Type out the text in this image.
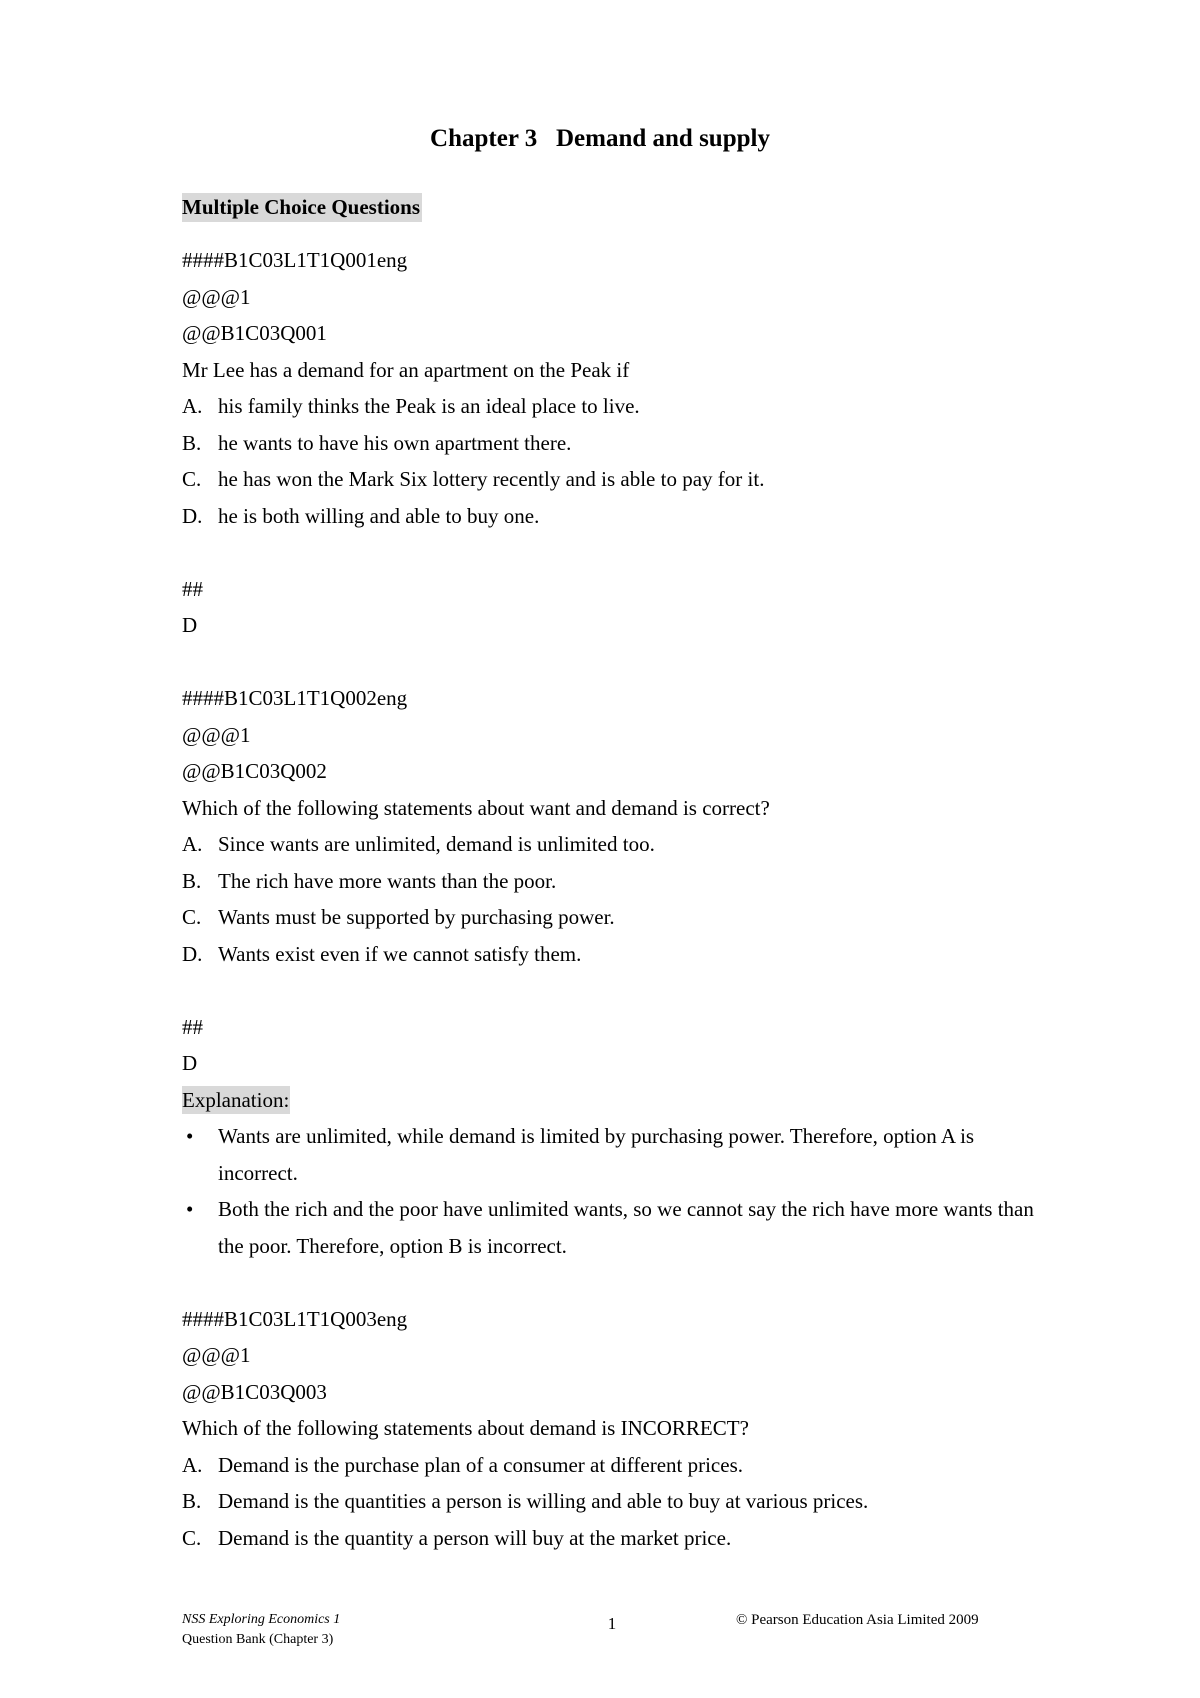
Chapter 3   Demand and supply
Multiple Choice Questions
####B1C03L1T1Q001eng
@@@1
@@B1C03Q001
Mr Lee has a demand for an apartment on the Peak if
A. his family thinks the Peak is an ideal place to live.
B. he wants to have his own apartment there.
C. he has won the Mark Six lottery recently and is able to pay for it.
D. he is both willing and able to buy one.
##
D
####B1C03L1T1Q002eng
@@@1
@@B1C03Q002
Which of the following statements about want and demand is correct?
A. Since wants are unlimited, demand is unlimited too.
B. The rich have more wants than the poor.
C. Wants must be supported by purchasing power.
D. Wants exist even if we cannot satisfy them.
##
D
Explanation:
•	Wants are unlimited, while demand is limited by purchasing power. Therefore, option A is incorrect.
•	Both the rich and the poor have unlimited wants, so we cannot say the rich have more wants than the poor. Therefore, option B is incorrect.
####B1C03L1T1Q003eng
@@@1
@@B1C03Q003
Which of the following statements about demand is INCORRECT?
A. Demand is the purchase plan of a consumer at different prices.
B. Demand is the quantities a person is willing and able to buy at various prices.
C. Demand is the quantity a person will buy at the market price.
NSS Exploring Economics 1
Question Bank (Chapter 3)
1	© Pearson Education Asia Limited 2009
